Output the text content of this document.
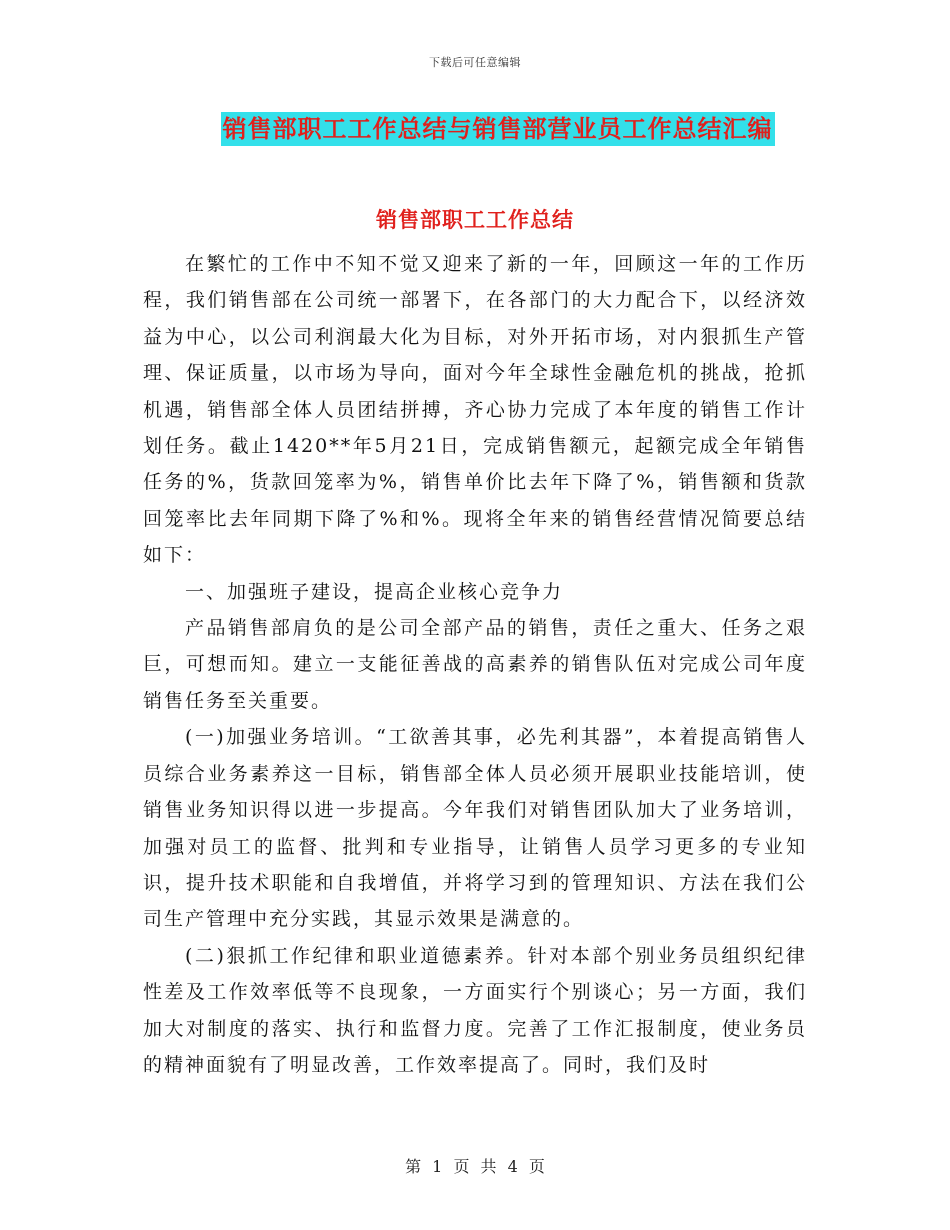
下载后可任意编辑
销售部职工工作总结与销售部营业员工作总结汇编
销售部职工工作总结

在繁忙的工作中不知不觉又迎来了新的一年，回顾这一年的工作历程，我们销售部在公司统一部署下，在各部门的大力配合下，以经济效益为中心，以公司利润最大化为目标，对外开拓市场，对内狠抓生产管理、保证质量，以市场为导向，面对今年全球性金融危机的挑战，抢抓机遇，销售部全体人员团结拼搏，齐心协力完成了本年度的销售工作计划任务。截止1420**年5月21日，完成销售额元，起额完成全年销售任务的%，货款回笼率为%，销售单价比去年下降了%，销售额和货款回笼率比去年同期下降了%和%。现将全年来的销售经营情况简要总结如下：

一、加强班子建设，提高企业核心竞争力

产品销售部肩负的是公司全部产品的销售，责任之重大、任务之艰巨，可想而知。建立一支能征善战的高素养的销售队伍对完成公司年度销售任务至关重要。

(一)加强业务培训。“工欲善其事，必先利其器”，本着提高销售人员综合业务素养这一目标，销售部全体人员必须开展职业技能培训，使销售业务知识得以进一步提高。今年我们对销售团队加大了业务培训，加强对员工的监督、批判和专业指导，让销售人员学习更多的专业知识，提升技术职能和自我增值，并将学习到的管理知识、方法在我们公司生产管理中充分实践，其显示效果是满意的。

(二)狠抓工作纪律和职业道德素养。针对本部个别业务员组织纪律性差及工作效率低等不良现象，一方面实行个别谈心；另一方面，我们加大对制度的落实、执行和监督力度。完善了工作汇报制度，使业务员的精神面貌有了明显改善，工作效率提高了。同时，我们及时

第 1 页 共 4 页
